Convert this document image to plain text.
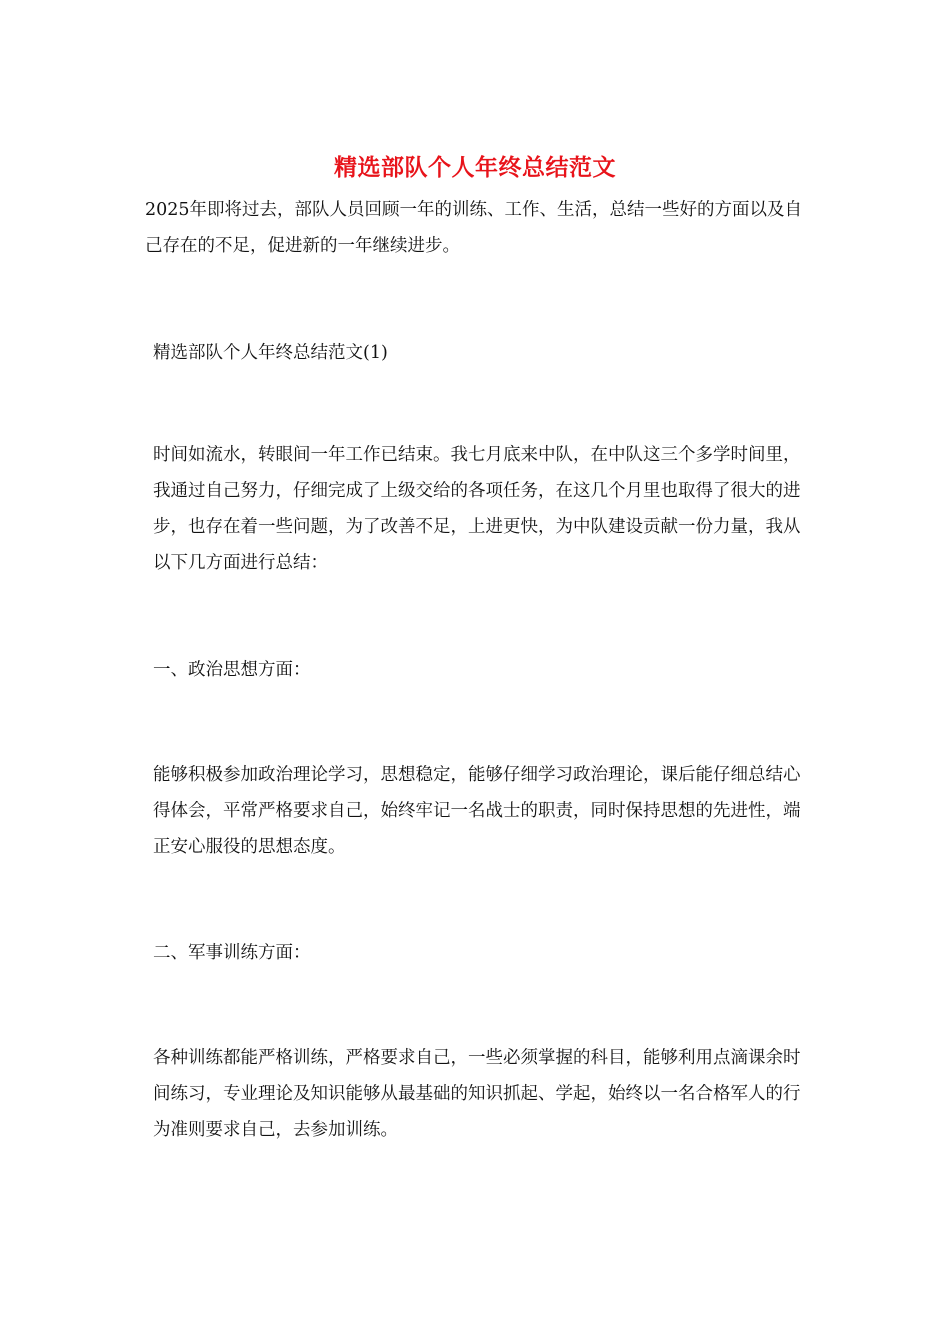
精选部队个人年终总结范文

2025年即将过去，部队人员回顾一年的训练、工作、生活，总结一些好的方面以及自己存在的不足，促进新的一年继续进步。

精选部队个人年终总结范文(1)

时间如流水，转眼间一年工作已结束。我七月底来中队，在中队这三个多学时间里，我通过自己努力，仔细完成了上级交给的各项任务，在这几个月里也取得了很大的进步，也存在着一些问题，为了改善不足，上进更快，为中队建设贡献一份力量，我从以下几方面进行总结：

一、政治思想方面：

能够积极参加政治理论学习，思想稳定，能够仔细学习政治理论，课后能仔细总结心得体会，平常严格要求自己，始终牢记一名战士的职责，同时保持思想的先进性，端正安心服役的思想态度。

二、军事训练方面：

各种训练都能严格训练，严格要求自己，一些必须掌握的科目，能够利用点滴课余时间练习，专业理论及知识能够从最基础的知识抓起、学起，始终以一名合格军人的行为准则要求自己，去参加训练。
